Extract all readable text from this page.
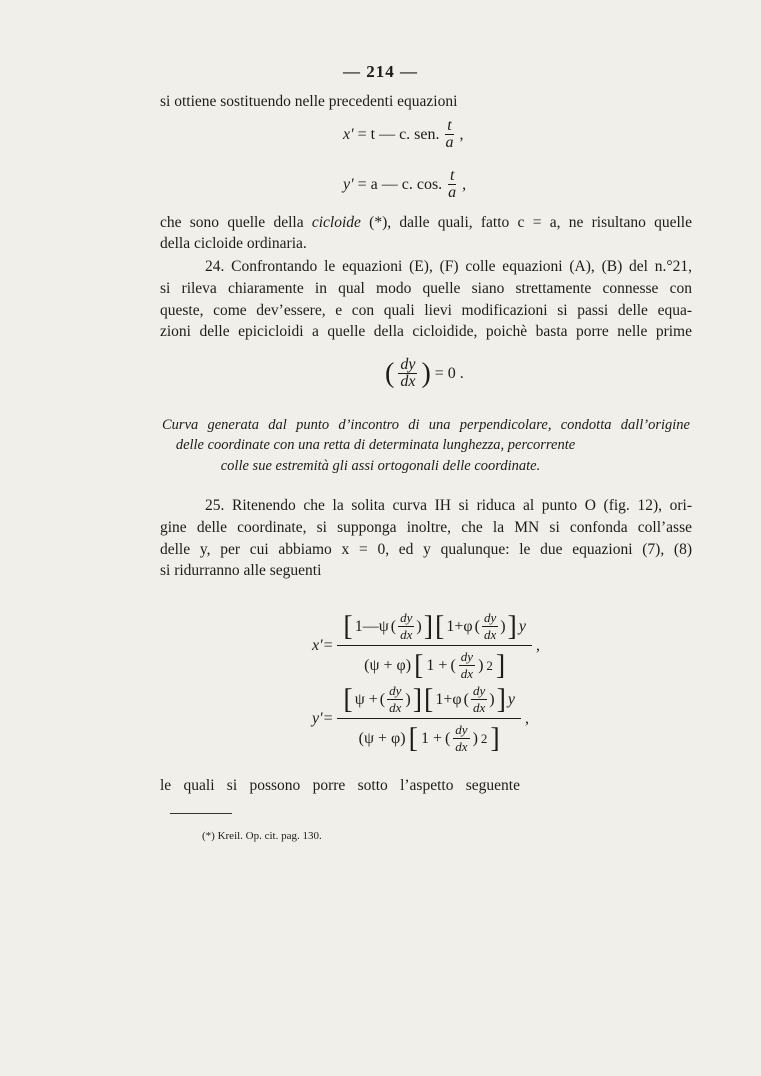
— 214 —
si ottiene sostituendo nelle precedenti equazioni
x′ = t — c. sen. $\frac{t}{a}$ ,
y′ = a — c. cos. $\frac{t}{a}$ ,
che sono quelle della cicloide (*), dalle quali, fatto c = a, ne risultano quelle
della cicloide ordinaria.
24. Confrontando le equazioni (E), (F) colle equazioni (A), (B) del n.°21,
si rileva chiaramente in qual modo quelle siano strettamente connesse con
queste, come dev’essere, e con quali lievi modificazioni si passi delle equa-
zioni delle epicicloidi a quelle della cicloidide, poichè basta porre nelle prime
( $\frac{dy}{dx}$ ) = 0 .
Curva generata dal punto d’incontro di una perpendicolare, condotta dall’origine
delle coordinate con una retta di determinata lunghezza, percorrente
colle sue estremità gli assi ortogonali delle coordinate.
25. Ritenendo che la solita curva IH si riduca al punto O (fig. 12), ori-
gine delle coordinate, si supponga inoltre, che la MN si confonda coll’asse
delle y, per cui abbiamo x = 0, ed y qualunque: le due equazioni (7), (8)
si ridurranno alle seguenti
$x'= \frac{[ 1—\psi ( \frac{dy}{dx} ) ] [ 1+\varphi ( \frac{dy}{dx} ) ] y}{(\psi + \varphi) [ 1 + ( \frac{dy}{dx} ) 2 ]}$ ,
$y'= \frac{[ \psi + ( \frac{dy}{dx} ) ] [ 1+\varphi ( \frac{dy}{dx} ) ] y}{(\psi + \varphi) [ 1 + ( \frac{dy}{dx} ) 2 ]}$ ,
le quali si possono porre sotto l’aspetto seguente
(*) Kreil. Op. cit. pag. 130.
